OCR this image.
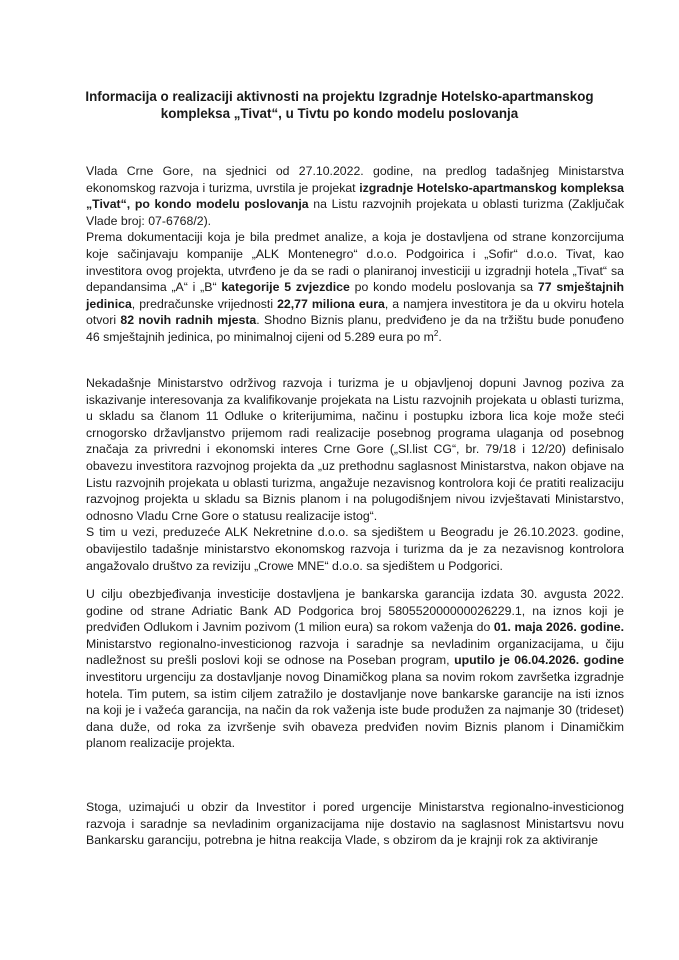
Informacija o realizaciji aktivnosti na projektu Izgradnje Hotelsko-apartmanskog
kompleksa „Tivat“, u Tivtu po kondo modelu poslovanja
Vlada Crne Gore, na sjednici od 27.10.2022. godine, na predlog tadašnjeg Ministarstva ekonomskog razvoja i turizma, uvrstila je projekat izgradnje Hotelsko-apartmanskog kompleksa „Tivat“, po kondo modelu poslovanja na Listu razvojnih projekata u oblasti turizma (Zaključak Vlade broj: 07-6768/2).
Prema dokumentaciji koja je bila predmet analize, a koja je dostavljena od strane konzorcijuma koje sačinjavaju kompanije „ALK Montenegro“ d.o.o. Podgoirica i „Sofir“ d.o.o. Tivat, kao investitora ovog projekta, utvrđeno je da se radi o planiranoj investiciji u izgradnji hotela „Tivat“ sa depandansima „A“ i „B“ kategorije 5 zvjezdice po kondo modelu poslovanja sa 77 smještajnih jedinica, predračunske vrijednosti 22,77 miliona eura, a namjera investitora je da u okviru hotela otvori 82 novih radnih mjesta. Shodno Biznis planu, predviđeno je da na tržištu bude ponuđeno 46 smještajnih jedinica, po minimalnoj cijeni od 5.289 eura po $m^2$.
Nekadašnje Ministarstvo održivog razvoja i turizma je u objavljenoj dopuni Javnog poziva za iskazivanje interesovanja za kvalifikovanje projekata na Listu razvojnih projekata u oblasti turizma, u skladu sa članom 11 Odluke o kriterijumima, načinu i postupku izbora lica koje može steći crnogorsko državljanstvo prijemom radi realizacije posebnog programa ulaganja od posebnog značaja za privredni i ekonomski interes Crne Gore („Sl.list CG“, br. 79/18 i 12/20) definisalo obavezu investitora razvojnog projekta da „uz prethodnu saglasnost Ministarstva, nakon objave na Listu razvojnih projekata u oblasti turizma, angažuje nezavisnog kontrolora koji će pratiti realizaciju razvojnog projekta u skladu sa Biznis planom i na polugodišnjem nivou izvještavati Ministarstvo, odnosno Vladu Crne Gore o statusu realizacije istog“.
S tim u vezi, preduzeće ALK Nekretnine d.o.o. sa sjedištem u Beogradu je 26.10.2023. godine, obavijestilo tadašnje ministarstvo ekonomskog razvoja i turizma da je za nezavisnog kontrolora angažovalo društvo za reviziju „Crowe MNE“ d.o.o. sa sjedištem u Podgorici.
U cilju obezbjeđivanja investicije dostavljena je bankarska garancija izdata 30. avgusta 2022. godine od strane Adriatic Bank AD Podgorica broj 580552000000026229.1, na iznos koji je predviđen Odlukom i Javnim pozivom (1 milion eura) sa rokom važenja do 01. maja 2026. godine. Ministarstvo regionalno-investicionog razvoja i saradnje sa nevladinim organizacijama, u čiju nadležnost su prešli poslovi koji se odnose na Poseban program, uputilo je 06.04.2026. godine investitoru urgenciju za dostavljanje novog Dinamičkog plana sa novim rokom završetka izgradnje hotela. Tim putem, sa istim ciljem zatražilo je dostavljanje nove bankarske garancije na isti iznos na koji je i važeća garancija, na način da rok važenja iste bude produžen za najmanje 30 (trideset) dana duže, od roka za izvršenje svih obaveza predviđen novim Biznis planom i Dinamičkim planom realizacije projekta.
Stoga, uzimajući u obzir da Investitor i pored urgencije Ministarstva regionalno-investicionog razvoja i saradnje sa nevladinim organizacijama nije dostavio na saglasnost Ministartsvu novu Bankarsku garanciju, potrebna je hitna reakcija Vlade, s obzirom da je krajnji rok za aktiviranje
